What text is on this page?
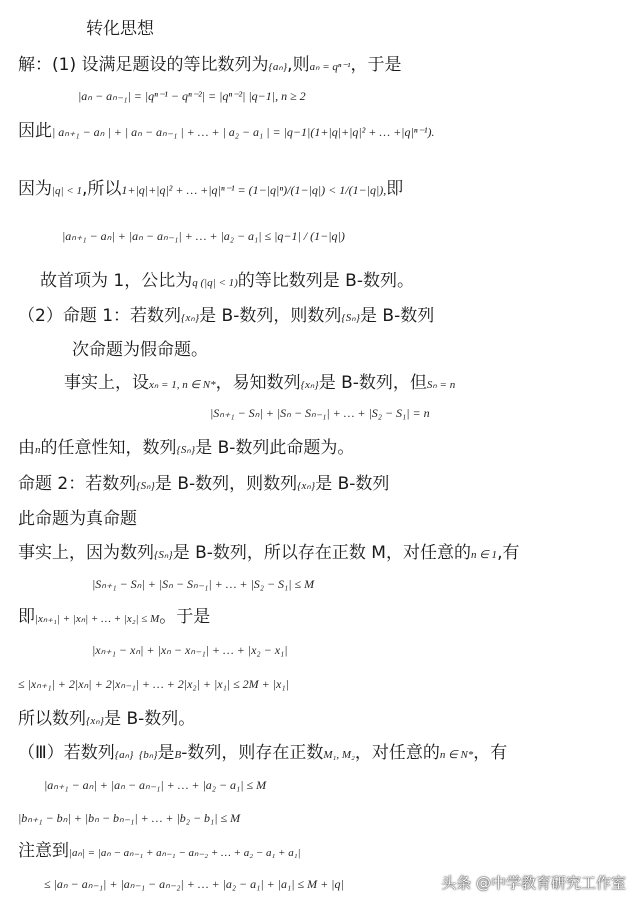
转化思想
解：(1) 设满足题设的等比数列为{aₙ},则aₙ = qⁿ⁻¹，于是
|aₙ − aₙ₋₁| = |qⁿ⁻¹ − qⁿ⁻²| = |qⁿ⁻²| |q−1|, n ≥ 2
因此| aₙ₊₁ − aₙ | + | aₙ − aₙ₋₁ | + … + | a₂ − a₁ | = |q−1|(1+|q|+|q|² + … +|q|ⁿ⁻¹).
因为|q| < 1,所以1+|q|+|q|² + … +|q|ⁿ⁻¹ = (1−|q|ⁿ)/(1−|q|) < 1/(1−|q|),即
|aₙ₊₁ − aₙ| + |aₙ − aₙ₋₁| + … + |a₂ − a₁| ≤ |q−1| / (1−|q|)
故首项为 1，公比为q (|q| < 1)的等比数列是 B-数列。
（2）命题 1：若数列{xₙ}是 B-数列，则数列{Sₙ}是 B-数列
次命题为假命题。
事实上，设xₙ = 1, n ∈ N*，易知数列{xₙ}是 B-数列，但Sₙ = n
|Sₙ₊₁ − Sₙ| + |Sₙ − Sₙ₋₁| + … + |S₂ − S₁| = n
由n的任意性知，数列{Sₙ}是 B-数列此命题为。
命题 2：若数列{Sₙ}是 B-数列，则数列{xₙ}是 B-数列
此命题为真命题
事实上，因为数列{Sₙ}是 B-数列，所以存在正数 M，对任意的n ∈ 1,有
|Sₙ₊₁ − Sₙ| + |Sₙ − Sₙ₋₁| + … + |S₂ − S₁| ≤ M
即|xₙ₊₁| + |xₙ| + … + |x₂| ≤ M。于是
|xₙ₊₁ − xₙ| + |xₙ − xₙ₋₁| + … + |x₂ − x₁|
≤ |xₙ₊₁| + 2|xₙ| + 2|xₙ₋₁| + … + 2|x₂| + |x₁| ≤ 2M + |x₁|
所以数列{xₙ}是 B-数列。
（Ⅲ）若数列{aₙ} {bₙ}是B-数列，则存在正数M₁, M₂，对任意的n ∈ N*，有
|aₙ₊₁ − aₙ| + |aₙ − aₙ₋₁| + … + |a₂ − a₁| ≤ M
|bₙ₊₁ − bₙ| + |bₙ − bₙ₋₁| + … + |b₂ − b₁| ≤ M
注意到|aₙ| = |aₙ − aₙ₋₁ + aₙ₋₁ − aₙ₋₂ + … + a₂ − a₁ + a₁|
≤ |aₙ − aₙ₋₁| + |aₙ₋₁ − aₙ₋₂| + … + |a₂ − a₁| + |a₁| ≤ M + |q|	头条 @中学教育研究工作室
